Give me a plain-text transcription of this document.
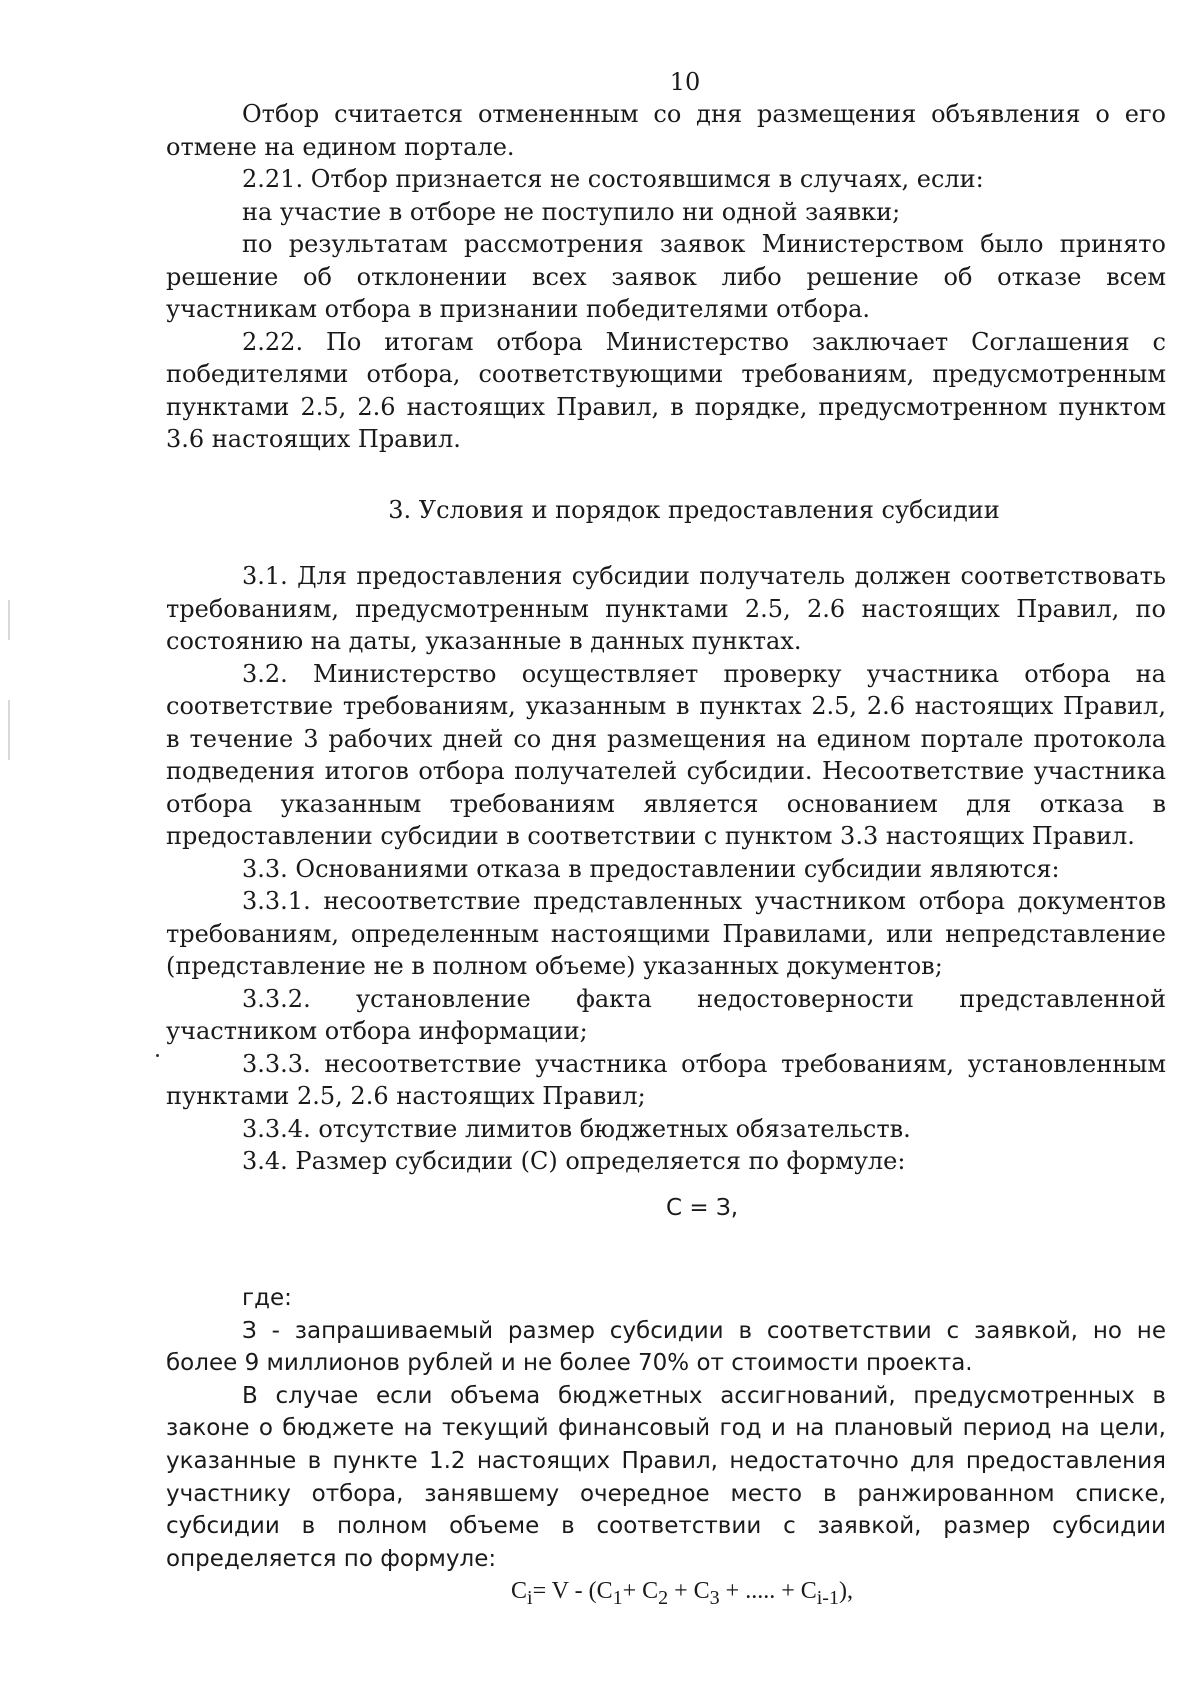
10

Отбор считается отмененным со дня размещения объявления о его отмене на едином портале.

2.21. Отбор признается не состоявшимся в случаях, если:

на участие в отборе не поступило ни одной заявки;

по результатам рассмотрения заявок Министерством было принято решение об отклонении всех заявок либо решение об отказе всем участникам отбора в признании победителями отбора.

2.22. По итогам отбора Министерство заключает Соглашения с победителями отбора, соответствующими требованиям, предусмотренным пунктами 2.5, 2.6 настоящих Правил, в порядке, предусмотренном пунктом 3.6 настоящих Правил.

3. Условия и порядок предоставления субсидии

3.1. Для предоставления субсидии получатель должен соответствовать требованиям, предусмотренным пунктами 2.5, 2.6 настоящих Правил, по состоянию на даты, указанные в данных пунктах.

3.2. Министерство осуществляет проверку участника отбора на соответствие требованиям, указанным в пунктах 2.5, 2.6 настоящих Правил, в течение 3 рабочих дней со дня размещения на едином портале протокола подведения итогов отбора получателей субсидии. Несоответствие участника отбора указанным требованиям является основанием для отказа в предоставлении субсидии в соответствии с пунктом 3.3 настоящих Правил.

3.3. Основаниями отказа в предоставлении субсидии являются:

3.3.1. несоответствие представленных участником отбора документов требованиям, определенным настоящими Правилами, или непредставление (представление не в полном объеме) указанных документов;

3.3.2. установление факта недостоверности представленной участником отбора информации;

3.3.3. несоответствие участника отбора требованиям, установленным пунктами 2.5, 2.6 настоящих Правил;

3.3.4. отсутствие лимитов бюджетных обязательств.

3.4. Размер субсидии (С) определяется по формуле:

С = З,

где:

З - запрашиваемый размер субсидии в соответствии с заявкой, но не более 9 миллионов рублей и не более 70% от стоимости проекта.

В случае если объема бюджетных ассигнований, предусмотренных в законе о бюджете на текущий финансовый год и на плановый период на цели, указанные в пункте 1.2 настоящих Правил, недостаточно для предоставления участнику отбора, занявшему очередное место в ранжированном списке, субсидии в полном объеме в соответствии с заявкой, размер субсидии определяется по формуле:

$C_i= V - (C_1+ C_2 + C_3$ + ..... + $C_{i-1}$),
